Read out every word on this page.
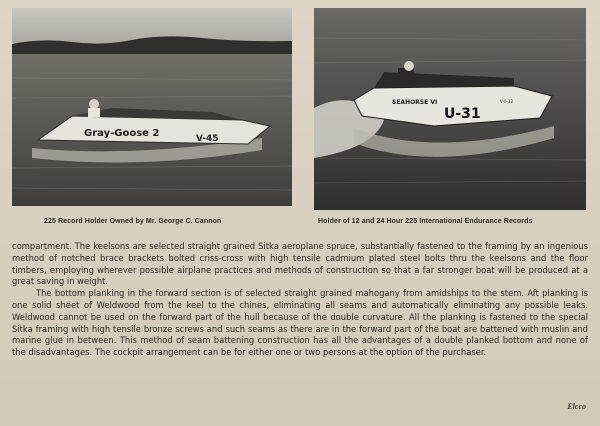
Gray-Goose 2	V-45
SEAHORSE VI
U-31
V-0-32
225 Record Holder Owned by Mr. George C. Cannon	Holder of 12 and 24 Hour 225 International Endurance Records

compartment. The keelsons are selected straight grained Sitka aeroplane spruce, substantially fastened to the framing by an ingenious method of notched brace brackets bolted criss-cross with high tensile cadmium plated steel bolts thru the keelsons and the floor timbers, employing wherever possible airplane practices and methods of construction so that a far stronger boat will be produced at a great saving in weight.

The bottom planking in the forward section is of selected straight grained mahogany from amidships to the stem. Aft planking is one solid sheet of Weldwood from the keel to the chines, eliminating all seams and automatically eliminating any possible leaks. Weldwood cannot be used on the forward part of the hull because of the double curvature. All the planking is fastened to the special Sitka framing with high tensile bronze screws and such seams as there are in the forward part of the boat are battened with muslin and marine glue in between. This method of seam battening construction has all the advantages of a double planked bottom and none of the disadvantages. The cockpit arrangement can be for either one or two persons at the option of the purchaser.

Elcco
